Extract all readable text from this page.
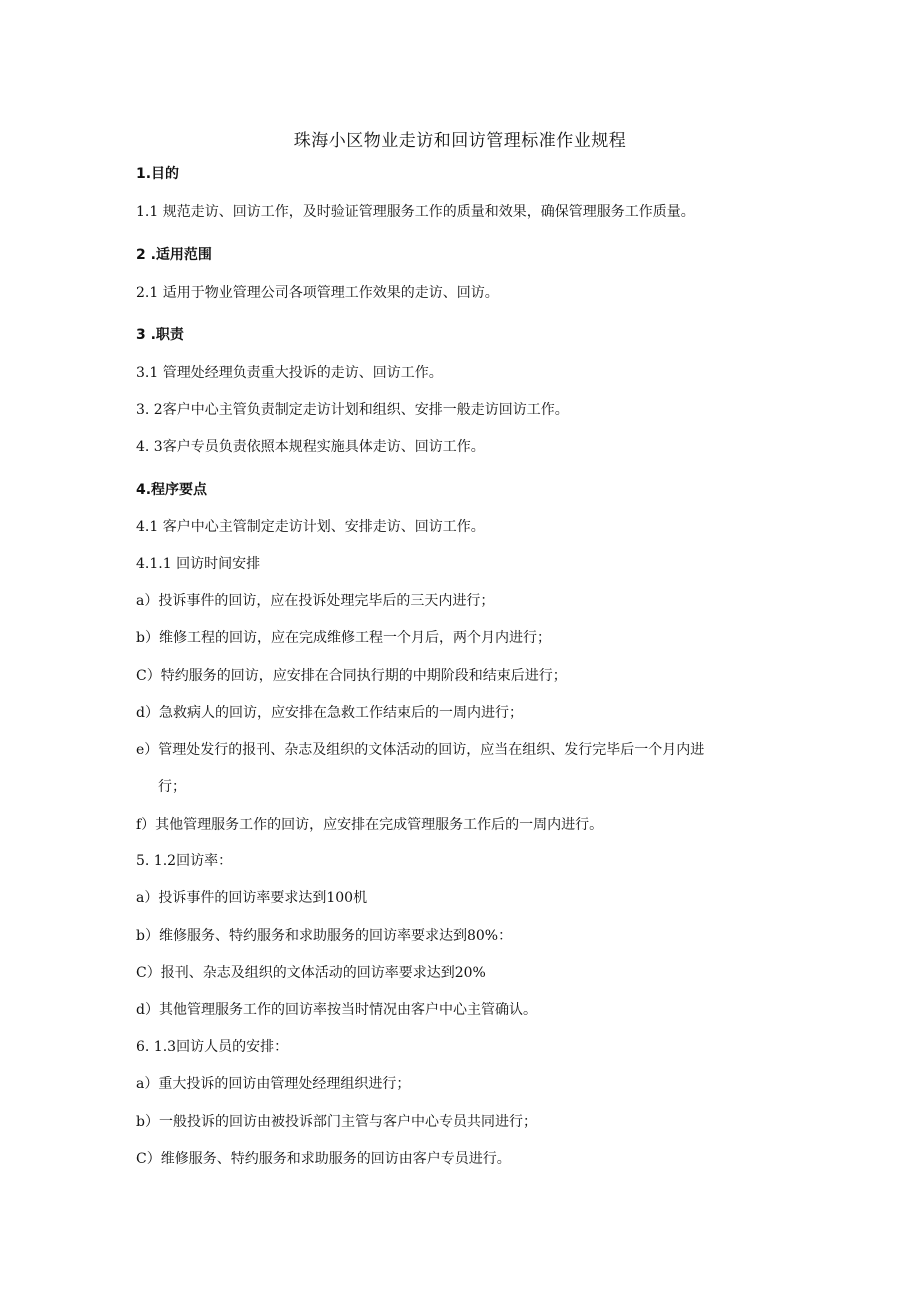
珠海小区物业走访和回访管理标准作业规程
1.目的
1.1 规范走访、回访工作，及时验证管理服务工作的质量和效果，确保管理服务工作质量。
2 .适用范围
2.1 适用于物业管理公司各项管理工作效果的走访、回访。
3 .职责
3.1 管理处经理负责重大投诉的走访、回访工作。
3. 2客户中心主管负责制定走访计划和组织、安排一般走访回访工作。
4. 3客户专员负责依照本规程实施具体走访、回访工作。
4.程序要点
4.1 客户中心主管制定走访计划、安排走访、回访工作。
4.1.1 回访时间安排
a）投诉事件的回访，应在投诉处理完毕后的三天内进行；
b）维修工程的回访，应在完成维修工程一个月后，两个月内进行；
C）特约服务的回访，应安排在合同执行期的中期阶段和结束后进行；
d）急救病人的回访，应安排在急救工作结束后的一周内进行；
e）管理处发行的报刊、杂志及组织的文体活动的回访，应当在组织、发行完毕后一个月内进
行；
f）其他管理服务工作的回访，应安排在完成管理服务工作后的一周内进行。
5. 1.2回访率：
a）投诉事件的回访率要求达到100机
b）维修服务、特约服务和求助服务的回访率要求达到80%：
C）报刊、杂志及组织的文体活动的回访率要求达到20%
d）其他管理服务工作的回访率按当时情况由客户中心主管确认。
6. 1.3回访人员的安排：
a）重大投诉的回访由管理处经理组织进行；
b）一般投诉的回访由被投诉部门主管与客户中心专员共同进行；
C）维修服务、特约服务和求助服务的回访由客户专员进行。
